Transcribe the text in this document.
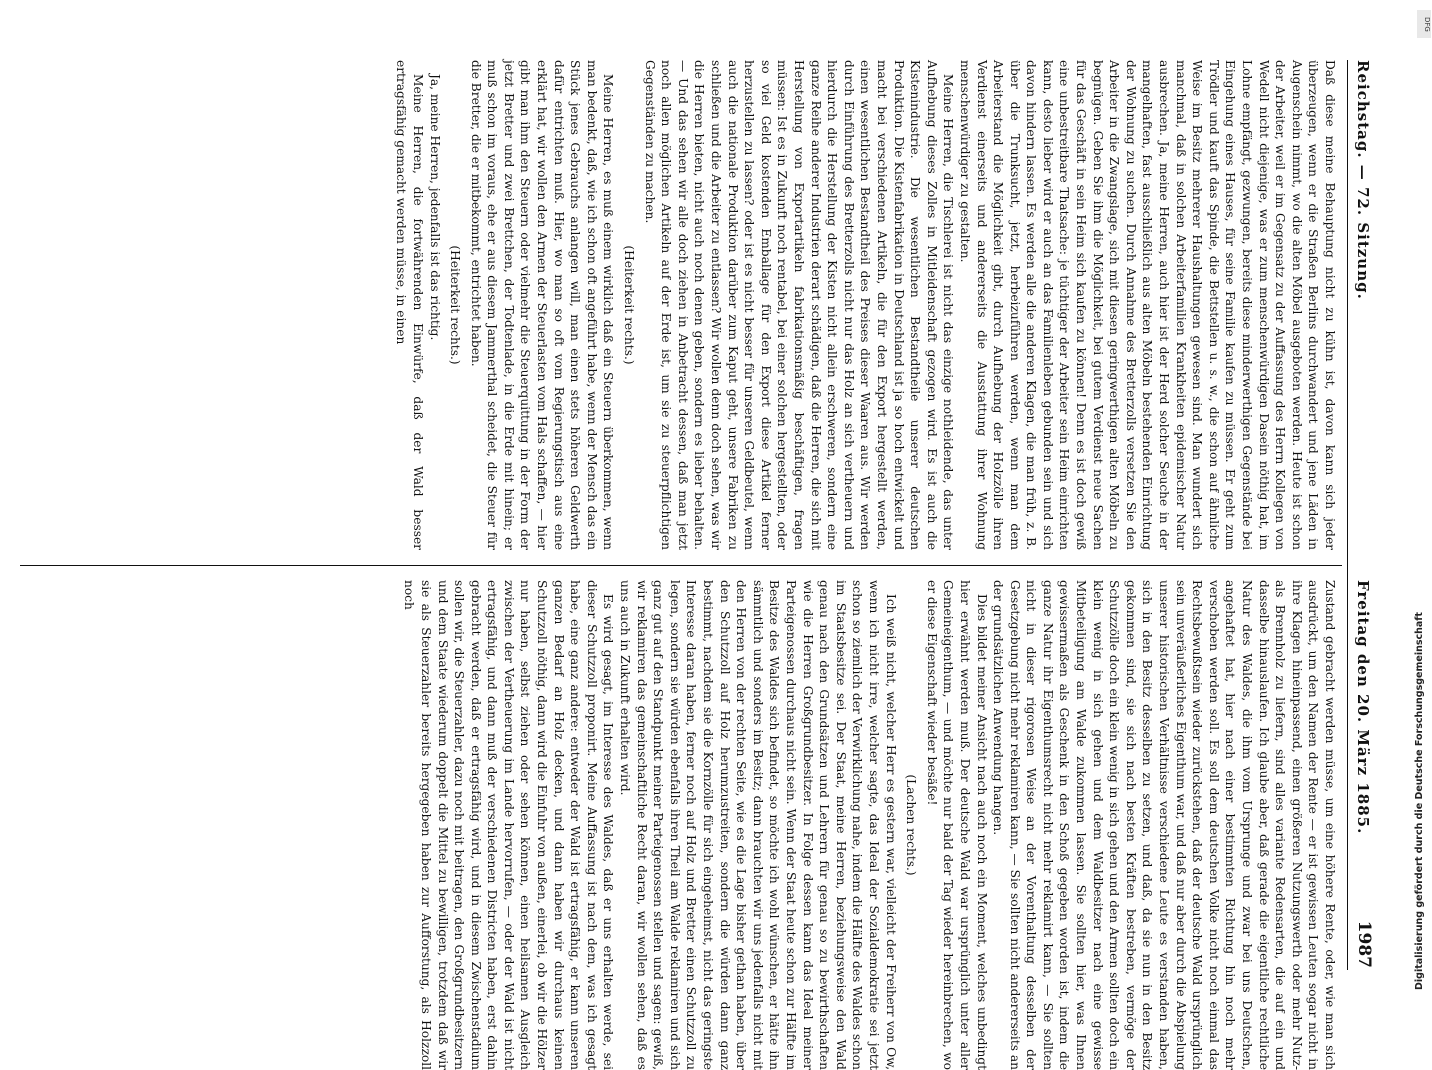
Reichstag. — 72. Sitzung.
Freitag den 20. März 1885.
1987

Daß diese meine Behauptung nicht zu kühn ist, davon kann sich jeder überzeugen, wenn er die Straßen Berlins durchwandert und jene Läden in Augenschein nimmt, wo die alten Möbel ausgeboten werden. Heute ist schon der Arbeiter, weil er im Gegensatz zu der Auffassung des Herrn Kollegen von Wedell nicht diejenige, was er zum menschenwürdigen Dasein nöthig hat, im Lohne empfängt, gezwungen, bereits diese minderwerthigen Gegenstände bei Eingehung eines Hauses, für seine Familie kaufen zu müssen. Er geht zum Trödler und kauft das Spinde, die Bettstellen u. s. w., die schon auf ähnliche Weise im Besitz mehrerer Haushaltungen gewesen sind. Man wundert sich manchmal, daß in solchen Arbeiterfamilien Krankheiten epidemischer Natur ausbrechen. Ja, meine Herren, auch hier ist der Herd solcher Seuche in der mangelhaften, fast ausschließlich aus alten Möbeln bestehenden Einrichtung der Wohnung zu suchen. Durch Annahme des Bretterzolls versetzen Sie den Arbeiter in die Zwangslage, sich mit diesen geringwerthigen alten Möbeln zu begnügen. Geben Sie ihm die Möglichkeit, bei gutem Verdienst neue Sachen für das Geschäft in sein Heim sich kaufen zu können! Denn es ist doch gewiß eine unbestreitbare Thatsache: je tüchtiger der Arbeiter sein Heim einrichten kann, desto lieber wird er auch an das Familienleben gebunden sein und sich davon hindern lassen. Es werden alle die anderen Klagen, die man früh, z. B. über die Trunksucht, jetzt, herbeizuführen werden, wenn man dem Arbeiterstand die Möglichkeit gibt, durch Aufhebung der Holzzölle ihren Verdienst einerseits und andererseits die Ausstattung ihrer Wohnung menschenwürdiger zu gestalten.

Meine Herren, die Tischlerei ist nicht das einzige nothleidende, das unter Aufhebung dieses Zolles in Mitleidenschaft gezogen wird. Es ist auch die Kistenindustrie. Die wesentlichen Bestandtheile unserer deutschen Produktion. Die Kistenfabrikation in Deutschland ist ja so hoch entwickelt und macht bei verschiedenen Artikeln, die für den Export hergestellt werden, einen wesentlichen Bestandtheil des Preises dieser Waaren aus. Wir werden durch Einführung des Bretterzolls nicht nur das Holz an sich vertheuern und hierdurch die Herstellung der Kisten nicht allein erschweren, sondern eine ganze Reihe anderer Industrien derart schädigen, daß die Herren, die sich mit Herstellung von Exportartikeln fabrikationsmäßig beschäftigen, fragen müssen: Ist es in Zukunft noch rentabel, bei einer solchen hergestellten, oder so viel Geld kostenden Emballage für den Export diese Artikel ferner herzustellen zu lassen? oder ist es nicht besser für unseren Geldbeutel, wenn auch die nationale Produktion darüber zum Kaput geht, unsere Fabriken zu schließen und die Arbeiter zu entlassen? Wir wollen denn doch sehen, was wir die Herren bieten, nicht auch noch denen geben, sondern es lieber behalten. — Und das sehen wir alle doch ziehen in Anbetracht dessen, daß man jetzt noch allen möglichen Artikeln auf der Erde ist, um sie zu steuerpflichtigen Gegenständen zu machen.

(Heiterkeit rechts.)

Meine Herren, es muß einem wirklich daß ein Steuern überkommen, wenn man bedenkt, daß, wie ich schon oft angeführt habe, wenn der Mensch das ein Stück jenes Gebrauchs anlangen will, man einen stets höheren Geldwerth dafür entrichten muß. Hier, wo man so oft vom Regierungstisch aus eine erklärt hat, wir wollen den Armen der Steuerlasten vom Hals schaffen, — hier gibt man ihm den Steuern oder vielmehr die Steuerquittung in der Form der jetzt Bretter und zwei Brettchen, der Todtenlade, in die Erde mit hinein; er muß schon im voraus, ehe er aus diesem Jammerthal scheidet, die Steuer für die Bretter, die er mitbekommt, entrichtet haben.

(Heiterkeit rechts.)

Ja, meine Herren, jedenfalls ist das richtig.

Meine Herren, die fortwährenden Einwürfe, daß der Wald besser ertragsfähig gemacht werden müsse, in einen

Zustand gebracht werden müsse, um eine höhere Rente, oder, wie man sich ausdrückt, um den Namen der Rente — er ist gewissen Leuten sogar nicht in ihre Klagen hineinpassend, einen größeren Nutzungswerth oder mehr Nutz- als Brennholz zu liefern, sind alles variante Redensarten, die auf ein und dasselbe hinauslaufen. Ich glaube aber, daß gerade die eigentliche rechtliche Natur des Waldes, die ihm vom Ursprunge und zwar bei uns Deutschen, angehaftet hat, hier nach einer bestimmten Richtung hin noch mehr verschoben werden soll. Es soll dem deutschen Volke nicht noch einmal das Rechtsbewußtsein wieder zurückstehen, daß der deutsche Wald ursprünglich sein unveräußerliches Eigenthum war, und daß nur aber durch die Abspielung unserer historischen Verhältnisse verschiedene Leute es verstanden haben, sich in den Besitz desselben zu setzen, und daß, da sie nun in den Besitz gekommen sind, sie sich nach besten Kräften bestreben, vermöge der Schutzzölle doch ein klein wenig in sich gehen und den Armen sollten doch ein klein wenig in sich gehen und dem Waldbesitzer nach eine gewisse Mitbeteiligung am Walde zukommen lassen. Sie sollten hier, was Ihnen gewissermaßen als Geschenk in den Schoß gegeben worden ist, indem die ganze Natur ihr Eigenthumsrecht nicht mehr reklamirt kann, — Sie sollten nicht in dieser rigorosen Weise an der Vorenthaltung desselben der Gesetzgebung nicht mehr reklamiren kann, — Sie sollten nicht andererseits an der grundsätzlichen Anwendung hangen.

Dies bildet meiner Ansicht nach auch noch ein Moment, welches unbedingt hier erwähnt werden muß. Der deutsche Wald war ursprünglich unter aller Gemeineigenthum, — und möchte nur bald der Tag wieder hereinbrechen, wo er diese Eigenschaft wieder besäße!

(Lachen rechts.)

Ich weiß nicht, welcher Herr es gestern war, vielleicht der Freiherr von Ow, wenn ich nicht irre, welcher sagte, das Ideal der Sozialdemokratie sei jetzt schon so ziemlich der Verwirklichung nahe, indem die Hälfte des Waldes schon im Staatsbesitze sei. Der Staat, meine Herren, beziehungsweise den Wald genau nach den Grundsätzen und Lehrern für genau so zu bewirthschaften wie die Herren Großgrundbesitzer. In Folge dessen kann das Ideal meiner Parteigenossen durchaus nicht sein. Wenn der Staat heute schon zur Hälfte im Besitze des Waldes sich befindet, so möchte ich wohl wünschen, er hätte ihn sämmtlich und sonders im Besitz; dann brauchten wir uns jedenfalls nicht mit den Herren von der rechten Seite, wie es die Lage bisher gethan haben, über den Schutzzoll auf Holz herumzustreiten, sondern die würden dann ganz bestimmt, nachdem sie die Kornzölle für sich eingeheimst, nicht das geringste Interesse daran haben, ferner noch auf Holz und Bretter einen Schutzzoll zu legen, sondern sie würden ebenfalls ihren Theil am Walde reklamiren und sich ganz gut auf den Standpunkt meiner Parteigenossen stellen und sagen: gewiß, wir reklamiren das gemeinschaftliche Recht daran, wir wollen sehen, daß es uns auch in Zukunft erhalten wird.

Es wird gesagt, im Interesse des Waldes, daß er uns erhalten werde, sei dieser Schutzzoll proponirt. Meine Auffassung ist nach dem, was ich gesagt habe, eine ganz andere: entweder der Wald ist ertragsfähig, er kann unseren ganzen Bedarf an Holz decken, und dann haben wir durchaus keinen Schutzzoll nöthig, dann wird die Einfuhr von außen, einerlei, ob wir die Hölzer nur haben, selbst ziehen oder sehen können, einen heilsamen Ausgleich zwischen der Vertheuerung im Lande hervorrufen, — oder der Wald ist nicht ertragsfähig, und dann muß der verschiedenen Districten haben, erst dahin gebracht werden, daß er ertragsfähig wird, und in diesem Zwischenstadium sollen wir, die Steuerzahler, dazu noch mit beitragen, den Großgrundbesitzern und dem Staate wiederum doppelt die Mittel zu bewilligen, trotzdem daß wir sie als Steuerzahler bereits hergegeben haben zur Aufforstung, als Holzzoll noch

Digitalisierung gefördert durch die Deutsche Forschungsgemeinschaft
DFG
